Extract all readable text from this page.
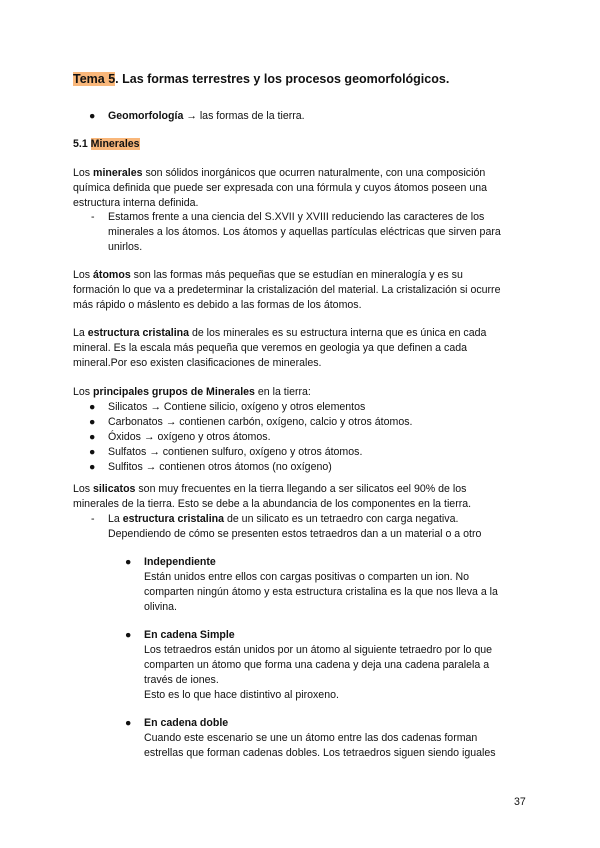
Tema 5. Las formas terrestres y los procesos geomorfológicos.
● Geomorfología → las formas de la tierra.
5.1 Minerales
Los minerales son sólidos inorgánicos que ocurren naturalmente, con una composición
química definida que puede ser expresada con una fórmula y cuyos átomos poseen una
estructura interna definida.
- Estamos frente a una ciencia del S.XVII y XVIII reduciendo las caracteres de los
minerales a los átomos. Los átomos y aquellas partículas eléctricas que sirven para
unirlos.
Los átomos son las formas más pequeñas que se estudían en mineralogía y es su
formación lo que va a predeterminar la cristalización del material. La cristalización si ocurre
más rápido o máslento es debido a las formas de los átomos.
La estructura cristalina de los minerales es su estructura interna que es única en cada
mineral. Es la escala más pequeña que veremos en geologia ya que definen a cada
mineral.Por eso existen clasificaciones de minerales.
Los principales grupos de Minerales en la tierra:
● Silicatos → Contiene silicio, oxígeno y otros elementos
● Carbonatos → contienen carbón, oxígeno, calcio y otros átomos.
● Óxidos → oxígeno y otros átomos.
● Sulfatos → contienen sulfuro, oxígeno y otros átomos.
● Sulfitos → contienen otros átomos (no oxígeno)
Los silicatos son muy frecuentes en la tierra llegando a ser silicatos eel 90% de los
minerales de la tierra. Esto se debe a la abundancia de los componentes en la tierra.
- La estructura cristalina de un silicato es un tetraedro con carga negativa.
Dependiendo de cómo se presenten estos tetraedros dan a un material o a otro
● Independiente
Están unidos entre ellos con cargas positivas o comparten un ion. No
comparten ningún átomo y esta estructura cristalina es la que nos lleva a la
olivina.
● En cadena Simple
Los tetraedros están unidos por un átomo al siguiente tetraedro por lo que
comparten un átomo que forma una cadena y deja una cadena paralela a
través de iones.
Esto es lo que hace distintivo al piroxeno.
● En cadena doble
Cuando este escenario se une un átomo entre las dos cadenas forman
estrellas que forman cadenas dobles. Los tetraedros siguen siendo iguales
37
